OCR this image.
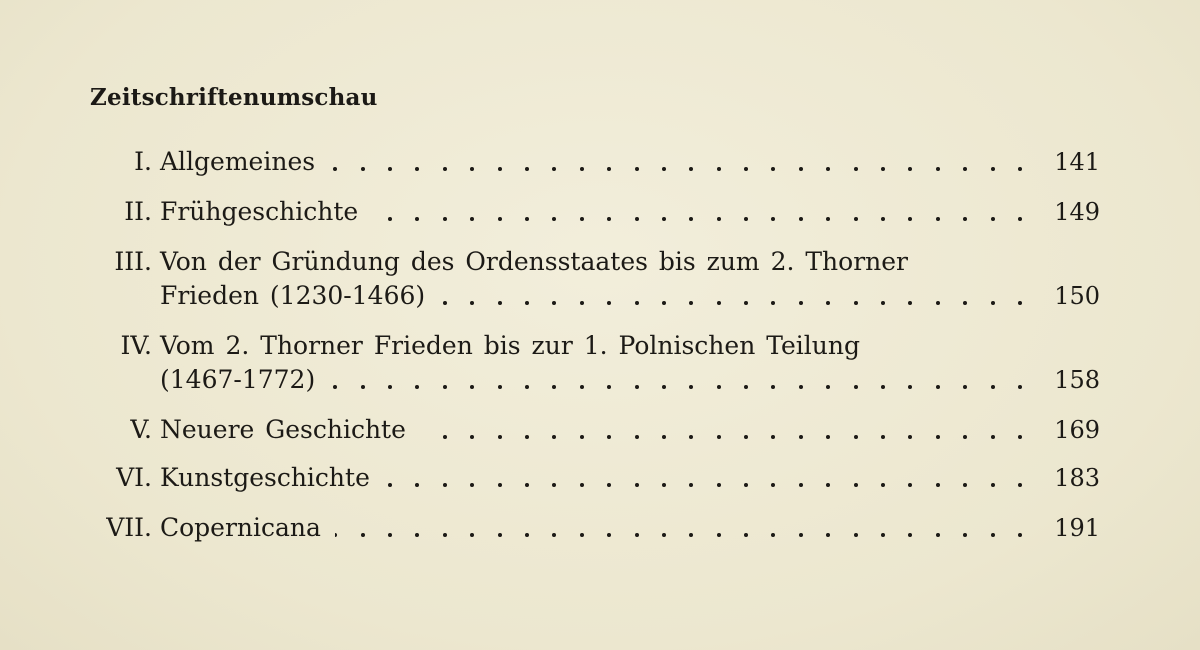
Zeitschriftenumschau
I. Allgemeines	141
II. Frühgeschichte	149
III. Von der Gründung des Ordensstaates bis zum 2. Thorner
Frieden (1230-1466)	150
IV. Vom 2. Thorner Frieden bis zur 1. Polnischen Teilung
(1467-1772)	158
V. Neuere Geschichte	169
VI. Kunstgeschichte	183
VII. Copernicana	191
